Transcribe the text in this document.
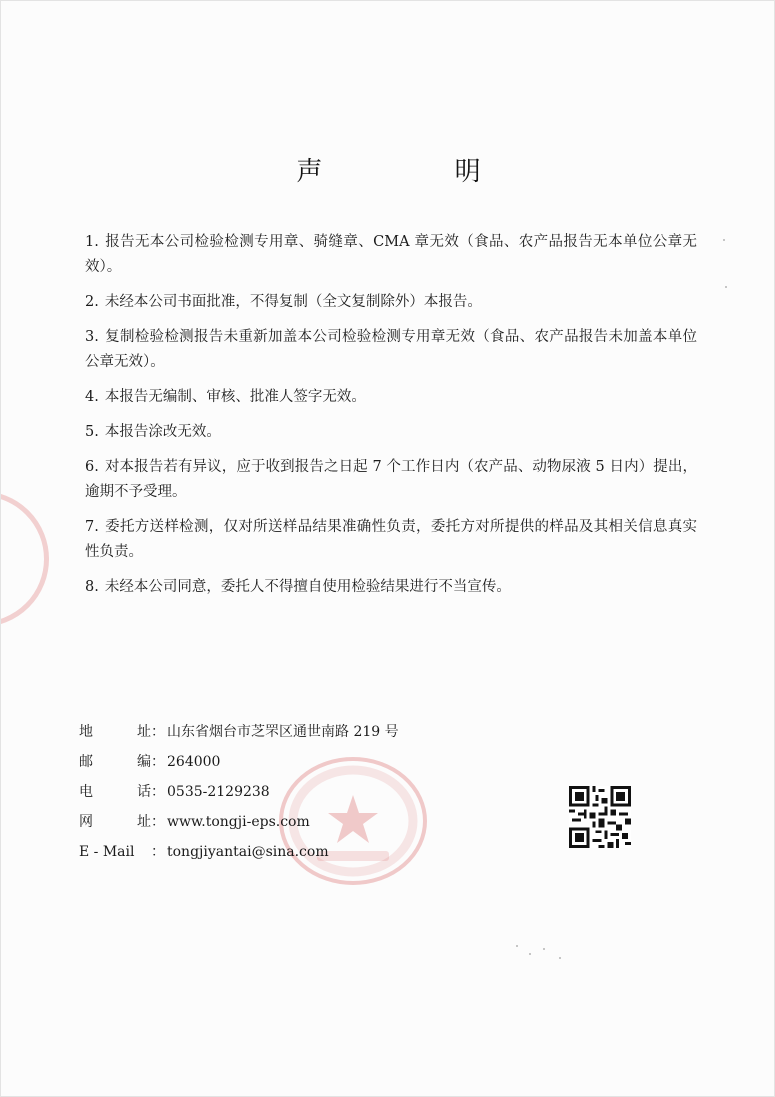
声 明
1. 报告无本公司检验检测专用章、骑缝章、CMA 章无效（食品、农产品报告无本单位公章无效）。
2. 未经本公司书面批准，不得复制（全文复制除外）本报告。
3. 复制检验检测报告未重新加盖本公司检验检测专用章无效（食品、农产品报告未加盖本单位公章无效）。
4. 本报告无编制、审核、批准人签字无效。
5. 本报告涂改无效。
6. 对本报告若有异议，应于收到报告之日起 7 个工作日内（农产品、动物尿液 5 日内）提出，逾期不予受理。
7. 委托方送样检测，仅对所送样品结果准确性负责，委托方对所提供的样品及其相关信息真实性负责。
8. 未经本公司同意，委托人不得擅自使用检验结果进行不当宣传。
地址： 山东省烟台市芝罘区通世南路 219 号
邮编： 264000
电话： 0535-2129238
网址： www.tongji-eps.com
E - Mail ： tongjiyantai@sina.com
